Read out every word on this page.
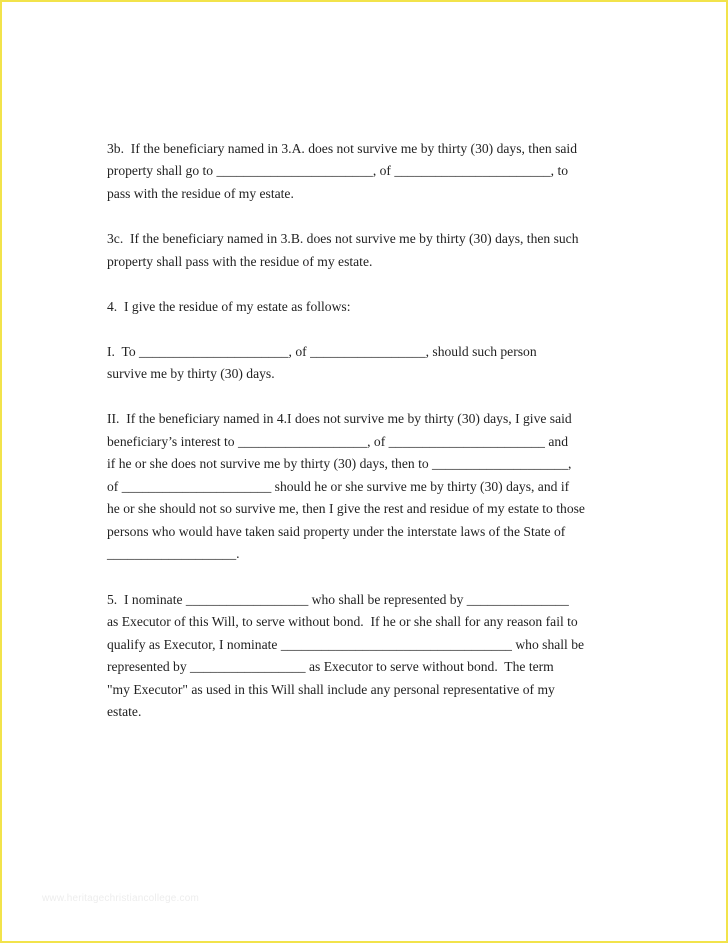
3b.  If the beneficiary named in 3.A. does not survive me by thirty (30) days, then said
property shall go to _______________________, of _______________________, to
pass with the residue of my estate.
3c.  If the beneficiary named in 3.B. does not survive me by thirty (30) days, then such
property shall pass with the residue of my estate.
4.  I give the residue of my estate as follows:
I.  To ______________________, of _________________, should such person
survive me by thirty (30) days.
II.  If the beneficiary named in 4.I does not survive me by thirty (30) days, I give said
beneficiary’s interest to ___________________, of _______________________ and
if he or she does not survive me by thirty (30) days, then to ____________________,
of ______________________ should he or she survive me by thirty (30) days, and if
he or she should not so survive me, then I give the rest and residue of my estate to those
persons who would have taken said property under the interstate laws of the State of
___________________.
5.  I nominate __________________ who shall be represented by _______________
as Executor of this Will, to serve without bond.  If he or she shall for any reason fail to
qualify as Executor, I nominate __________________________________ who shall be
represented by _________________ as Executor to serve without bond.  The term
"my Executor" as used in this Will shall include any personal representative of my
estate.
www.heritagechristiancollege.com
